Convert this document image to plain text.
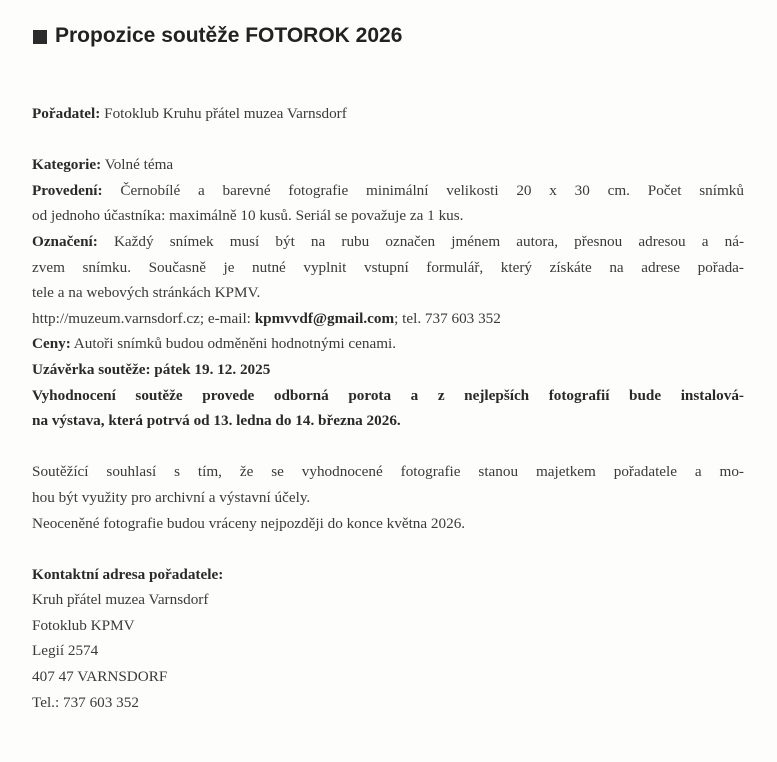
Propozice soutěže FOTOROK 2026
Pořadatel: Fotoklub Kruhu přátel muzea Varnsdorf
Kategorie: Volné téma
Provedení: Černobílé a barevné fotografie minimální velikosti 20 x 30 cm. Počet snímků
od jednoho účastníka: maximálně 10 kusů. Seriál se považuje za 1 kus.
Označení: Každý snímek musí být na rubu označen jménem autora, přesnou adresou a ná-
zvem snímku. Současně je nutné vyplnit vstupní formulář, který získáte na adrese pořada-
tele a na webových stránkách KPMV.
http://muzeum.varnsdorf.cz; e-mail: kpmvvdf@gmail.com; tel. 737 603 352
Ceny: Autoři snímků budou odměněni hodnotnými cenami.
Uzávěrka soutěže: pátek 19. 12. 2025
Vyhodnocení soutěže provede odborná porota a z nejlepších fotografií bude instalová-
na výstava, která potrvá od 13. ledna do 14. března 2026.
Soutěžící souhlasí s tím, že se vyhodnocené fotografie stanou majetkem pořadatele a mo-
hou být využity pro archivní a výstavní účely.
Neoceněné fotografie budou vráceny nejpozději do konce května 2026.
Kontaktní adresa pořadatele:
Kruh přátel muzea Varnsdorf
Fotoklub KPMV
Legií 2574
407 47 VARNSDORF
Tel.: 737 603 352
